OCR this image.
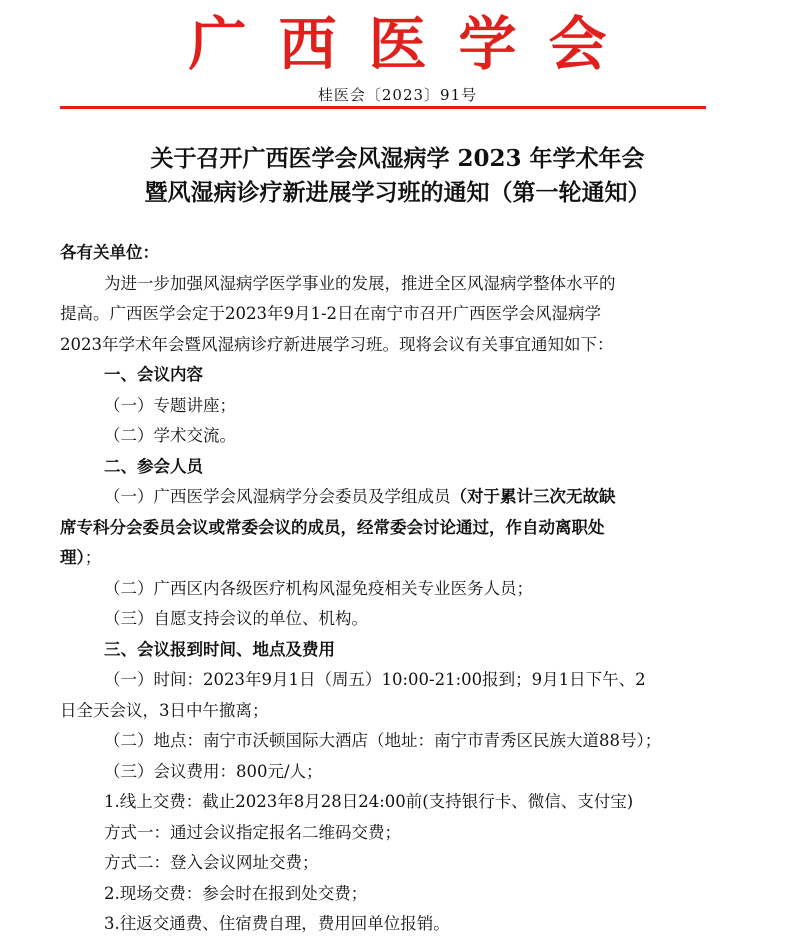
广西医学会
桂医会〔2023〕91号
关于召开广西医学会风湿病学 2023 年学术年会
暨风湿病诊疗新进展学习班的通知（第一轮通知）
各有关单位：
为进一步加强风湿病学医学事业的发展，推进全区风湿病学整体水平的
提高。广西医学会定于2023年9月1-2日在南宁市召开广西医学会风湿病学
2023年学术年会暨风湿病诊疗新进展学习班。现将会议有关事宜通知如下：
一、会议内容
（一）专题讲座；
（二）学术交流。
二、参会人员
（一）广西医学会风湿病学分会委员及学组成员（对于累计三次无故缺
席专科分会委员会议或常委会议的成员，经常委会讨论通过，作自动离职处
理）；
（二）广西区内各级医疗机构风湿免疫相关专业医务人员；
（三）自愿支持会议的单位、机构。
三、会议报到时间、地点及费用
（一）时间：2023年9月1日（周五）10:00-21:00报到；9月1日下午、2
日全天会议，3日中午撤离；
（二）地点：南宁市沃顿国际大酒店（地址：南宁市青秀区民族大道88号）；
（三）会议费用：800元/人；
1.线上交费：截止2023年8月28日24:00前(支持银行卡、微信、支付宝)
方式一：通过会议指定报名二维码交费；
方式二：登入会议网址交费；
2.现场交费：参会时在报到处交费；
3.往返交通费、住宿费自理，费用回单位报销。
